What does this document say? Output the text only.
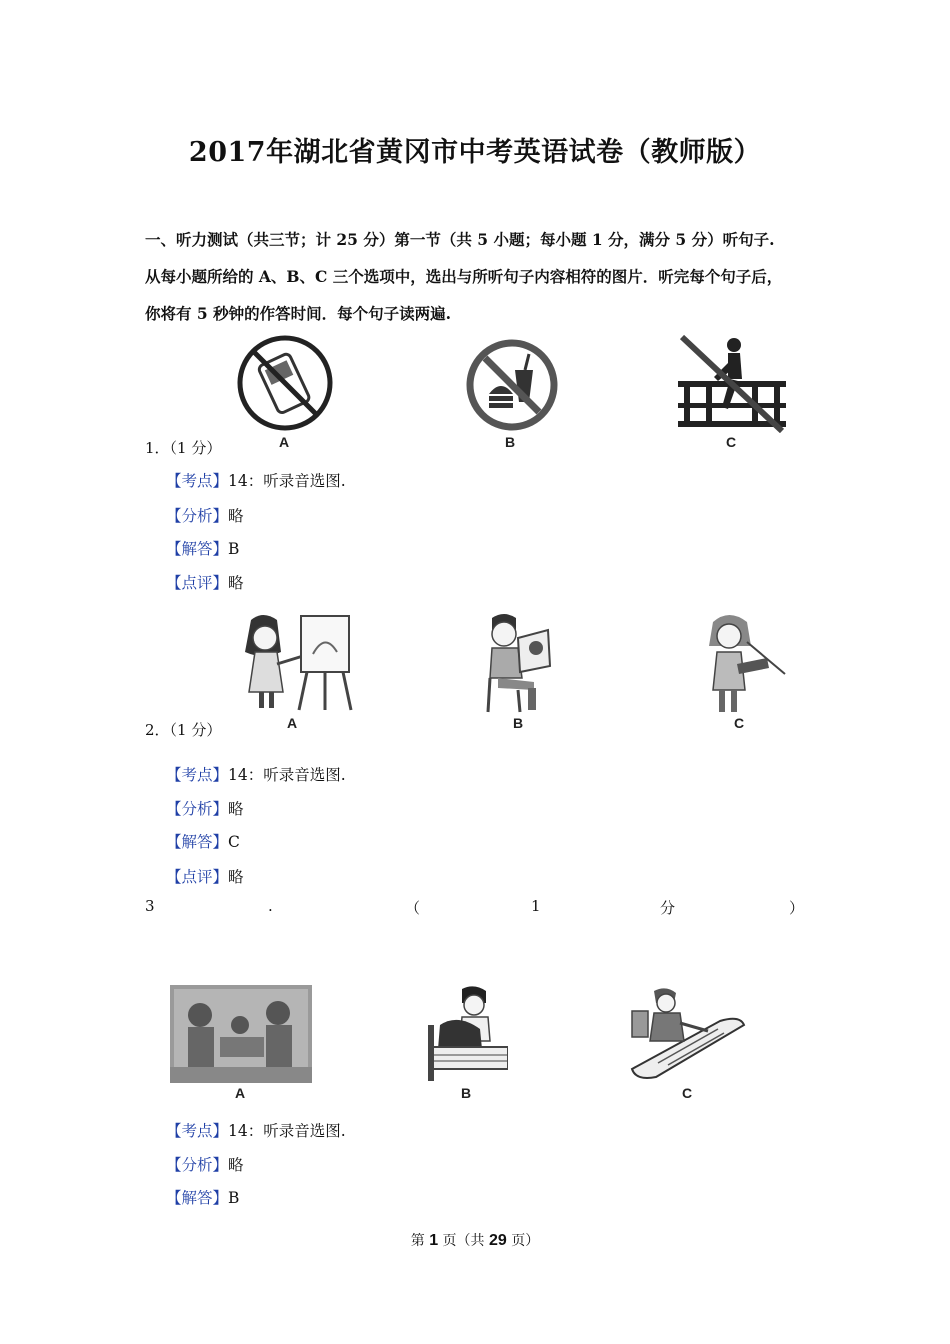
2017年湖北省黄冈市中考英语试卷（教师版）
一、听力测试（共三节；计 25 分）第一节（共 5 小题；每小题 1 分，满分 5 分）听句子.
从每小题所给的 A、B、C 三个选项中，选出与所听句子内容相符的图片．听完每个句子后，
你将有 5 秒钟的作答时间．每个句子读两遍.
A	B	C
1．（1 分）
【考点】14：听录音选图.
【分析】略
【解答】B
【点评】略
A	B	C
2．（1 分）
【考点】14：听录音选图.
【分析】略
【解答】C
【点评】略
3	.	（	1	分	）
A	B	C
【考点】14：听录音选图.
【分析】略
【解答】B
第 1 页（共 29 页）
